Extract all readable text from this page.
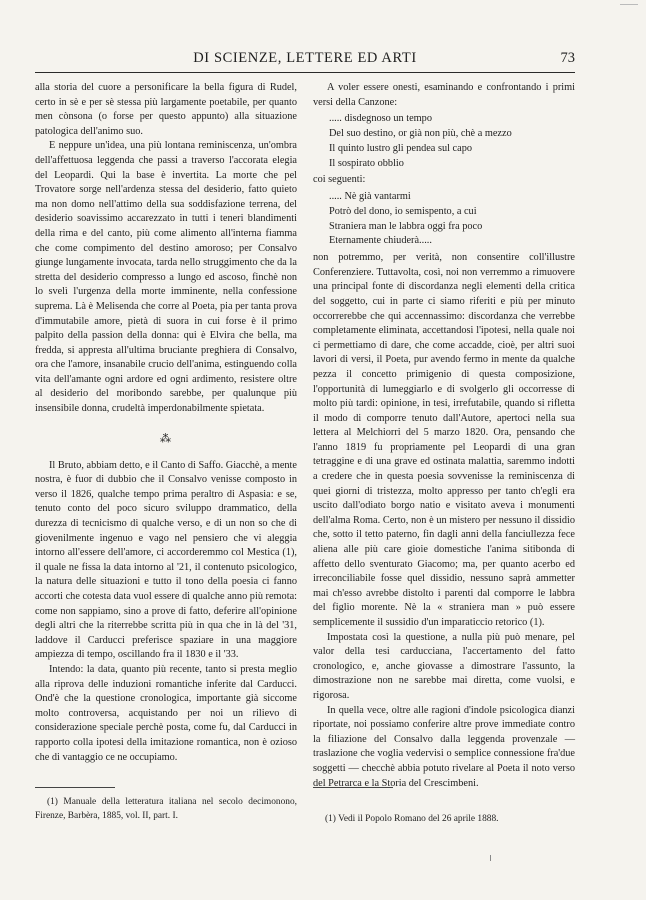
DI SCIENZE, LETTERE ED ARTI	73

alla storia del cuore a personificare la bella figura di Rudel, certo in sè e per sè stessa più largamente poetabile, per quanto men cònsona (o forse per questo appunto) alla situazione patologica dell'animo suo.

E neppure un'idea, una più lontana reminiscenza, un'ombra dell'affettuosa leggenda che passi a traverso l'accorata elegia del Leopardi. Qui la base è invertita. La morte che pel Trovatore sorge nell'ardenza stessa del desiderio, fatto quieto ma non domo nell'attimo della sua soddisfazione terrena, del desiderio soavissimo accarezzato in tutti i teneri blandimenti della rima e del canto, più come alimento all'interna fiamma che come compimento del destino amoroso; per Consalvo giunge lungamente invocata, tarda nello struggimento che da la stretta del desiderio compresso a lungo ed ascoso, finchè non lo svelì l'urgenza della morte imminente, nella confessione suprema. Là è Melisenda che corre al Poeta, pia per tanta prova d'immutabile amore, pietà di suora in cui forse è il primo palpito della passion della donna: qui è Elvira che bella, ma fredda, si appresta all'ultima bruciante preghiera di Consalvo, ora che l'amore, insanabile crucio dell'anima, estinguendo colla vita dell'amante ogni ardore ed ogni ardimento, resistere oltre al desiderio del moribondo sarebbe, per qualunque più insensibile donna, crudeltà imperdonabilmente spietata.

⁂

Il Bruto, abbiam detto, e il Canto di Saffo. Giacchè, a mente nostra, è fuor di dubbio che il Consalvo venisse composto in verso il 1826, qualche tempo prima peraltro di Aspasia: e se, tenuto conto del poco sicuro sviluppo drammatico, della durezza di tecnicismo di qualche verso, e di un non so che di giovenilmente ingenuo e vago nel pensiero che vi aleggia intorno all'essere dell'amore, ci accorderemmo col Mestica (1), il quale ne fissa la data intorno al '21, il contenuto psicologico, la natura delle situazioni e tutto il tono della poesia ci fanno accorti che cotesta data vuol essere di qualche anno più remota: come non sappiamo, sino a prove di fatto, deferire all'opinione degli altri che la riterrebbe scritta più in qua che in là del '31, laddove il Carducci preferisce spaziare in una maggiore ampiezza di tempo, oscillando fra il 1830 e il '33.

Intendo: la data, quanto più recente, tanto si presta meglio alla riprova delle induzioni romantiche inferite dal Carducci. Ond'è che la questione cronologica, importante già siccome molto controversa, acquistando per noi un rilievo di considerazione speciale perchè posta, come fu, dal Carducci in rapporto colla ipotesi della imitazione romantica, non è ozioso che di vantaggio ce ne occupiamo.

A voler essere onesti, esaminando e confrontando i primi versi della Canzone:

..... disdegnoso un tempo
Del suo destino, or già non più, chè a mezzo
Il quinto lustro gli pendea sul capo
Il sospirato obblio

coi seguenti:

..... Nè già vantarmi
Potrò del dono, io semispento, a cui
Straniera man le labbra oggi fra poco
Eternamente chiuderà.....

non potremmo, per verità, non consentire coll'illustre Conferenziere. Tuttavolta, così, noi non verremmo a rimuovere una principal fonte di discordanza negli elementi della critica del soggetto, cui in parte ci siamo riferiti e più per minuto occorrerebbe che qui accennassimo: discordanza che verrebbe completamente eliminata, accettandosi l'ipotesi, nella quale noi ci permettiamo di dare, che come accadde, cioè, per altri suoi lavori di versi, il Poeta, pur avendo fermo in mente da qualche pezza il concetto primigenio di questa composizione, l'opportunità di lumeggiarlo e di svolgerlo gli occorresse di molto più tardi: opinione, in tesi, irrefutabile, quando si rifletta il modo di comporre tenuto dall'Autore, apertoci nella sua lettera al Melchiorri del 5 marzo 1820. Ora, pensando che l'anno 1819 fu propriamente pel Leopardi di una gran tetraggine e di una grave ed ostinata malattia, saremmo indotti a credere che in questa poesia sovvenisse la reminiscenza di quei giorni di tristezza, molto appresso per tanto ch'egli era uscito dall'odiato borgo natio e visitato aveva i monumenti dell'alma Roma. Certo, non è un mistero per nessuno il dissidio che, sotto il tetto paterno, fin dagli anni della fanciullezza fece aliena alle più care gioie domestiche l'anima sitibonda di affetto dello sventurato Giacomo; ma, per quanto acerbo ed irreconciliabile fosse quel dissidio, nessuno saprà ammetter mai ch'esso avrebbe distolto i parenti dal comporre le labbra del figlio morente. Nè la « straniera man » può essere semplicemente il sussidio d'un imparaticcio retorico (1).

Impostata così la questione, a nulla più può menare, pel valor della tesi carducciana, l'accertamento del fatto cronologico, e, anche giovasse a dimostrare l'assunto, la dimostrazione non ne sarebbe mai diretta, come vuolsi, e rigorosa.

In quella vece, oltre alle ragioni d'indole psicologica dianzi riportate, noi possiamo conferire altre prove immediate contro la filiazione del Consalvo dalla leggenda provenzale — traslazione che voglia vedervisi o semplice connessione fra'due soggetti — checchè abbia potuto rivelare al Poeta il noto verso del Petrarca e la Storia del Crescimbeni.

(1) Manuale della letteratura italiana nel secolo decimonono, Firenze, Barbèra, 1885, vol. II, part. I.	(1) Vedi il Popolo Romano del 26 aprile 1888.
